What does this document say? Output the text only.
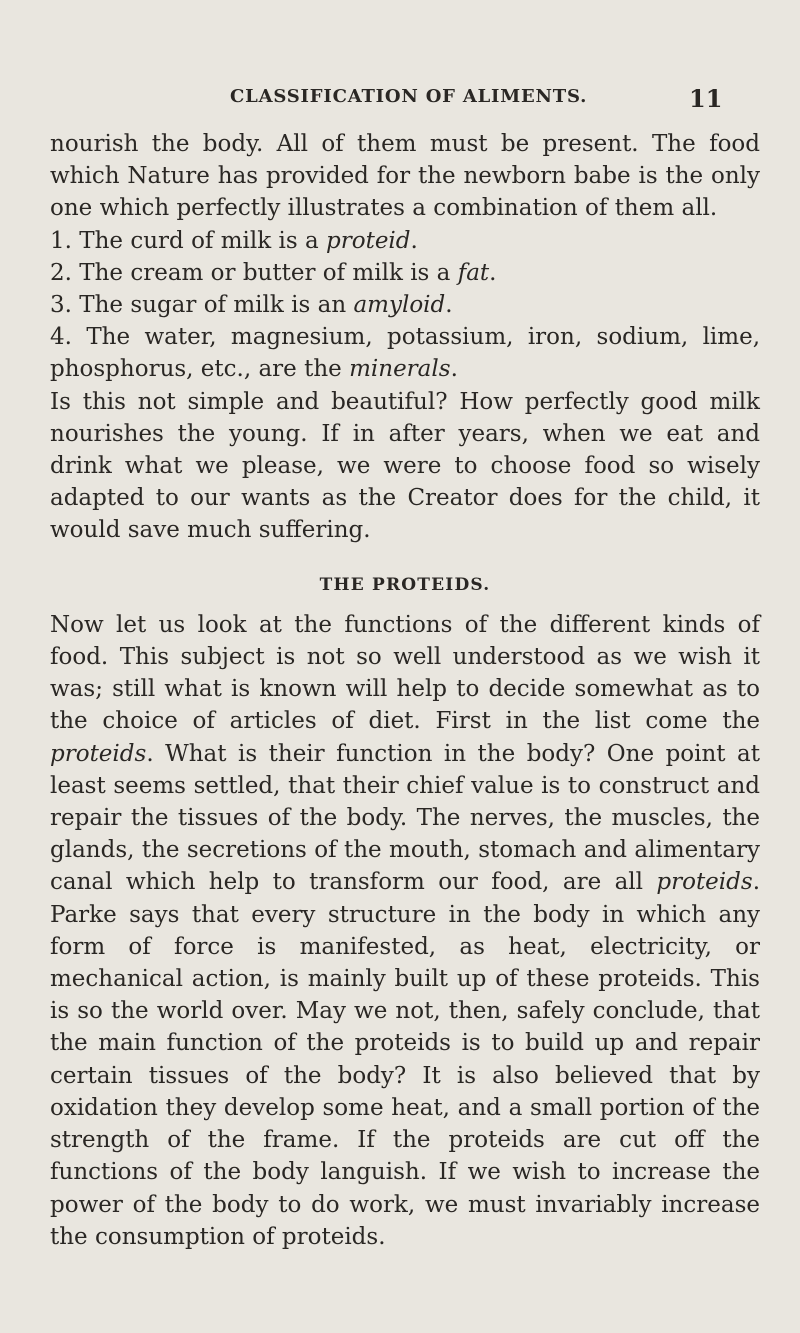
CLASSIFICATION OF ALIMENTS.	11

nourish the body. All of them must be present. The food which Nature has provided for the newborn babe is the only one which perfectly illustrates a combination of them all.

1. The curd of milk is a proteid.

2. The cream or butter of milk is a fat.

3. The sugar of milk is an amyloid.

4. The water, magnesium, potassium, iron, sodium, lime, phosphorus, etc., are the minerals.

Is this not simple and beautiful? How perfectly good milk nourishes the young. If in after years, when we eat and drink what we please, we were to choose food so wisely adapted to our wants as the Creator does for the child, it would save much suffering.

THE PROTEIDS.

Now let us look at the functions of the different kinds of food. This subject is not so well understood as we wish it was; still what is known will help to decide somewhat as to the choice of articles of diet. First in the list come the proteids. What is their function in the body? One point at least seems settled, that their chief value is to construct and repair the tissues of the body. The nerves, the muscles, the glands, the secretions of the mouth, stomach and alimentary canal which help to transform our food, are all proteids. Parke says that every structure in the body in which any form of force is manifested, as heat, electricity, or mechanical action, is mainly built up of these proteids. This is so the world over. May we not, then, safely conclude, that the main function of the proteids is to build up and repair certain tissues of the body? It is also believed that by oxidation they develop some heat, and a small portion of the strength of the frame. If the proteids are cut off the functions of the body languish. If we wish to increase the power of the body to do work, we must invariably increase the consumption of proteids.
